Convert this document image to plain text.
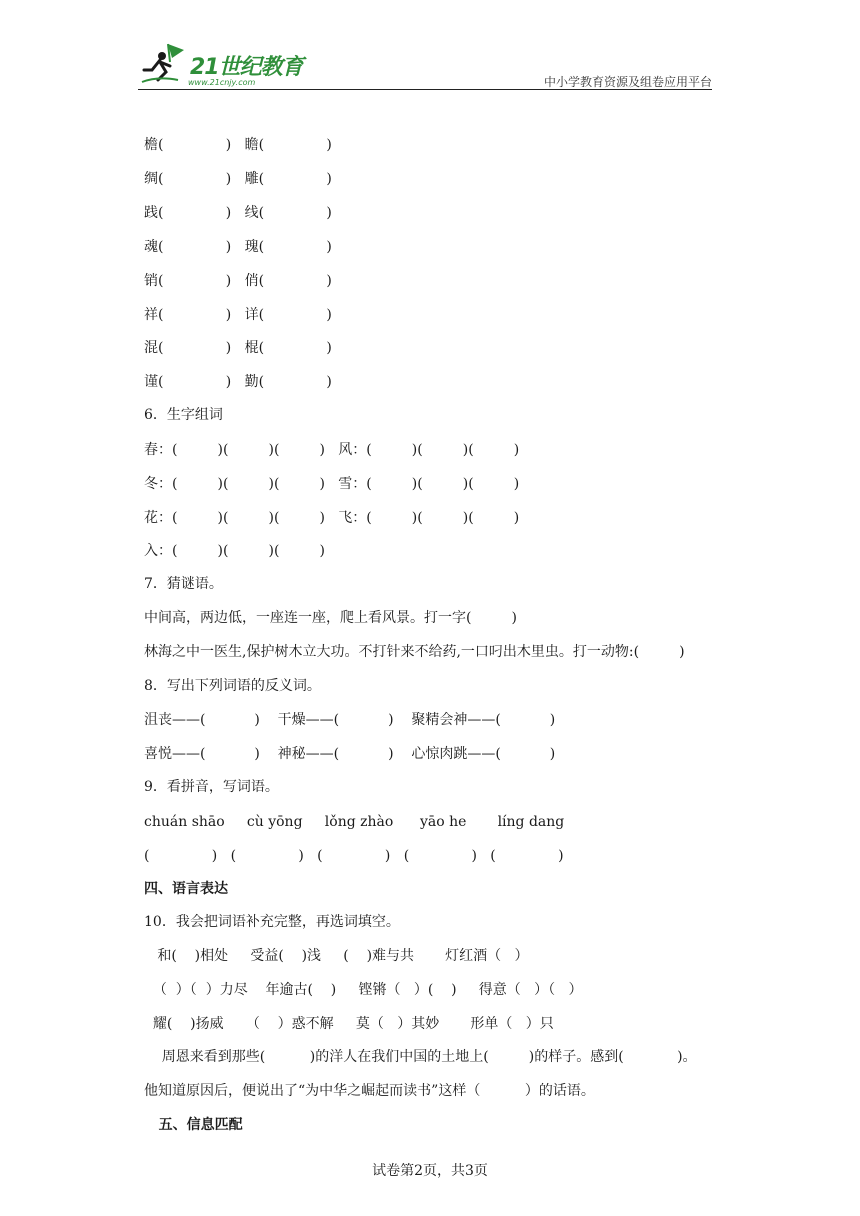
21世纪教育
www.21cnjy.com	中小学教育资源及组卷应用平台
檐(              )   瞻(              )
绸(              )   雕(              )
践(              )   线(              )
魂(              )   瑰(              )
销(              )   俏(              )
祥(              )   详(              )
混(              )   棍(              )
谨(              )   勤(              )
6．生字组词
春：(         )(         )(         )   风：(         )(         )(         )
冬：(         )(         )(         )   雪：(         )(         )(         )
花：(         )(         )(         )   飞：(         )(         )(         )
入：(         )(         )(         )
7．猜谜语。
中间高，两边低，一座连一座，爬上看风景。打一字(         )
林海之中一医生,保护树木立大功。不打针来不给药,一口叼出木里虫。打一动物:(         )
8．写出下列词语的反义词。
沮丧——(           )    干燥——(           )    聚精会神——(           )
喜悦——(           )    神秘——(           )    心惊肉跳——(           )
9．看拼音，写词语。
chuán shāo     cù yōng     lǒng zhào      yāo he       líng dang
(              )   (              )   (              )   (              )   (              )
四、语言表达
10．我会把词语补充完整，再选词填空。
和(    )相处     受益(    )浅     (    )难与共       灯红酒（   ）
（  ）（  ）力尽    年逾古(    )     铿锵（   ）(    )     得意（   ）（   ）
耀(    )扬威     （    ）惑不解     莫（   ）其妙       形单（   ）只
周恩来看到那些(          )的洋人在我们中国的土地上(         )的样子。感到(            )。
他知道原因后，便说出了“为中华之崛起而读书”这样（          ）的话语。
五、信息匹配
试卷第2页，共3页
